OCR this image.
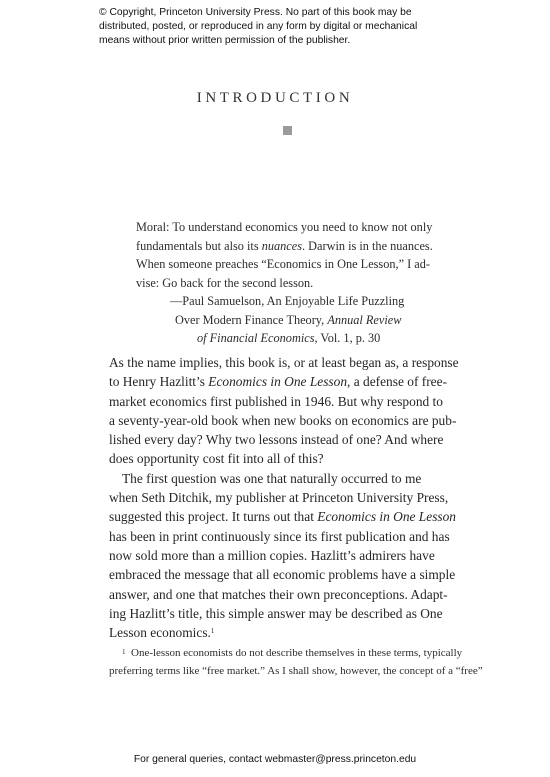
© Copyright, Princeton University Press. No part of this book may be
distributed, posted, or reproduced in any form by digital or mechanical
means without prior written permission of the publisher.
INTRODUCTION
Moral: To understand economics you need to know not only
fundamentals but also its nuances. Darwin is in the nuances.
When someone preaches “Economics in One Lesson,” I ad-
vise: Go back for the second lesson.
—Paul Samuelson, An Enjoyable Life Puzzling
Over Modern Finance Theory, Annual Review
of Financial Economics, Vol. 1, p. 30
As the name implies, this book is, or at least began as, a response
to Henry Hazlitt’s Economics in One Lesson, a defense of free-
market economics first published in 1946. But why respond to
a seventy-year-old book when new books on economics are pub-
lished every day? Why two lessons instead of one? And where
does opportunity cost fit into all of this?
The first question was one that naturally occurred to me
when Seth Ditchik, my publisher at Princeton University Press,
suggested this project. It turns out that Economics in One Lesson
has been in print continuously since its first publication and has
now sold more than a million copies. Hazlitt’s admirers have
embraced the message that all economic problems have a simple
answer, and one that matches their own preconceptions. Adapt-
ing Hazlitt’s title, this simple answer may be described as One
Lesson economics.$^1$
$^1$ One-lesson economists do not describe themselves in these terms, typically
preferring terms like “free market.” As I shall show, however, the concept of a “free”
For general queries, contact webmaster@press.princeton.edu
